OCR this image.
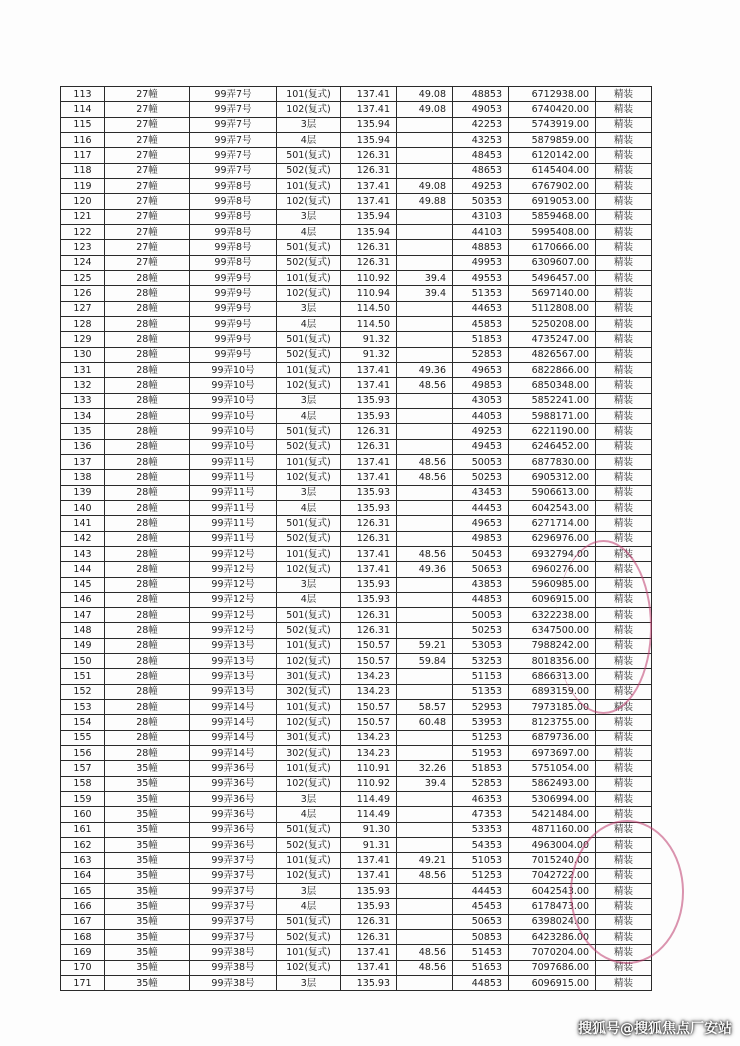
113	27幢	99弄7号	101(复式)	137.41	49.08	48853	6712938.00	精装
114	27幢	99弄7号	102(复式)	137.41	49.08	49053	6740420.00	精装
115	27幢	99弄7号	3层	135.94		42253	5743919.00	精装
116	27幢	99弄7号	4层	135.94		43253	5879859.00	精装
117	27幢	99弄7号	501(复式)	126.31		48453	6120142.00	精装
118	27幢	99弄7号	502(复式)	126.31		48653	6145404.00	精装
119	27幢	99弄8号	101(复式)	137.41	49.08	49253	6767902.00	精装
120	27幢	99弄8号	102(复式)	137.41	49.88	50353	6919053.00	精装
121	27幢	99弄8号	3层	135.94		43103	5859468.00	精装
122	27幢	99弄8号	4层	135.94		44103	5995408.00	精装
123	27幢	99弄8号	501(复式)	126.31		48853	6170666.00	精装
124	27幢	99弄8号	502(复式)	126.31		49953	6309607.00	精装
125	28幢	99弄9号	101(复式)	110.92	39.4	49553	5496457.00	精装
126	28幢	99弄9号	102(复式)	110.94	39.4	51353	5697140.00	精装
127	28幢	99弄9号	3层	114.50		44653	5112808.00	精装
128	28幢	99弄9号	4层	114.50		45853	5250208.00	精装
129	28幢	99弄9号	501(复式)	91.32		51853	4735247.00	精装
130	28幢	99弄9号	502(复式)	91.32		52853	4826567.00	精装
131	28幢	99弄10号	101(复式)	137.41	49.36	49653	6822866.00	精装
132	28幢	99弄10号	102(复式)	137.41	48.56	49853	6850348.00	精装
133	28幢	99弄10号	3层	135.93		43053	5852241.00	精装
134	28幢	99弄10号	4层	135.93		44053	5988171.00	精装
135	28幢	99弄10号	501(复式)	126.31		49253	6221190.00	精装
136	28幢	99弄10号	502(复式)	126.31		49453	6246452.00	精装
137	28幢	99弄11号	101(复式)	137.41	48.56	50053	6877830.00	精装
138	28幢	99弄11号	102(复式)	137.41	48.56	50253	6905312.00	精装
139	28幢	99弄11号	3层	135.93		43453	5906613.00	精装
140	28幢	99弄11号	4层	135.93		44453	6042543.00	精装
141	28幢	99弄11号	501(复式)	126.31		49653	6271714.00	精装
142	28幢	99弄11号	502(复式)	126.31		49853	6296976.00	精装
143	28幢	99弄12号	101(复式)	137.41	48.56	50453	6932794.00	精装
144	28幢	99弄12号	102(复式)	137.41	49.36	50653	6960276.00	精装
145	28幢	99弄12号	3层	135.93		43853	5960985.00	精装
146	28幢	99弄12号	4层	135.93		44853	6096915.00	精装
147	28幢	99弄12号	501(复式)	126.31		50053	6322238.00	精装
148	28幢	99弄12号	502(复式)	126.31		50253	6347500.00	精装
149	28幢	99弄13号	101(复式)	150.57	59.21	53053	7988242.00	精装
150	28幢	99弄13号	102(复式)	150.57	59.84	53253	8018356.00	精装
151	28幢	99弄13号	301(复式)	134.23		51153	6866313.00	精装
152	28幢	99弄13号	302(复式)	134.23		51353	6893159.00	精装
153	28幢	99弄14号	101(复式)	150.57	58.57	52953	7973185.00	精装
154	28幢	99弄14号	102(复式)	150.57	60.48	53953	8123755.00	精装
155	28幢	99弄14号	301(复式)	134.23		51253	6879736.00	精装
156	28幢	99弄14号	302(复式)	134.23		51953	6973697.00	精装
157	35幢	99弄36号	101(复式)	110.91	32.26	51853	5751054.00	精装
158	35幢	99弄36号	102(复式)	110.92	39.4	52853	5862493.00	精装
159	35幢	99弄36号	3层	114.49		46353	5306994.00	精装
160	35幢	99弄36号	4层	114.49		47353	5421484.00	精装
161	35幢	99弄36号	501(复式)	91.30		53353	4871160.00	精装
162	35幢	99弄36号	502(复式)	91.31		54353	4963004.00	精装
163	35幢	99弄37号	101(复式)	137.41	49.21	51053	7015240.00	精装
164	35幢	99弄37号	102(复式)	137.41	48.56	51253	7042722.00	精装
165	35幢	99弄37号	3层	135.93		44453	6042543.00	精装
166	35幢	99弄37号	4层	135.93		45453	6178473.00	精装
167	35幢	99弄37号	501(复式)	126.31		50653	6398024.00	精装
168	35幢	99弄37号	502(复式)	126.31		50853	6423286.00	精装
169	35幢	99弄38号	101(复式)	137.41	48.56	51453	7070204.00	精装
170	35幢	99弄38号	102(复式)	137.41	48.56	51653	7097686.00	精装
171	35幢	99弄38号	3层	135.93		44853	6096915.00	精装
搜狐号@搜狐焦点厂安站
